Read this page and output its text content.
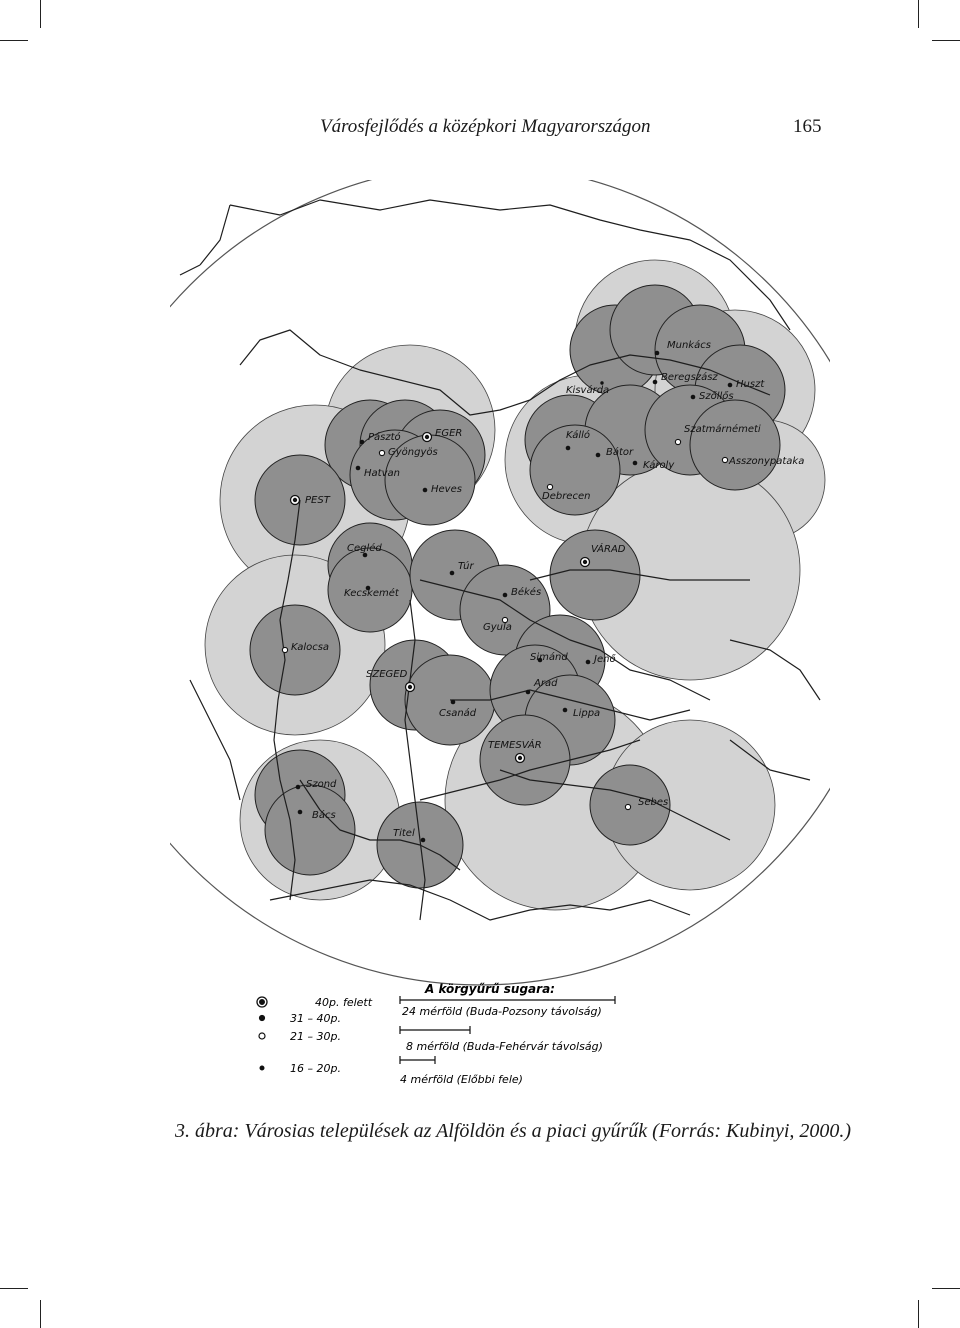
Városfejlődés a középkori Magyarországon	165
Munkács
Kisvárda
Beregszász
Huszt
Szőllős
Pásztó	EGER
Gyöngyös
Hatvan
Heves
PEST
Kálló
Bátor
Károly
Szatmárnémeti
Asszonypataka
Debrecen
Cegléd
Kecskemét
Túr
VÁRAD
Békés
Gyula
Kalocsa
SZEGED
Csanád
Simánd	Jenő
Arad
Lippa
TEMESVÁR
Szond
Bács
Titel
Sebes
40p. felett
31 – 40p.
21 – 30p.
16 – 20p.
A körgyűrű sugara:
24 mérföld (Buda-Pozsony távolság)
8 mérföld (Buda-Fehérvár távolság)
4 mérföld (Előbbi fele)
3. ábra: Városias települések az Alföldön és a piaci gyűrűk (Forrás: Kubinyi, 2000.)
